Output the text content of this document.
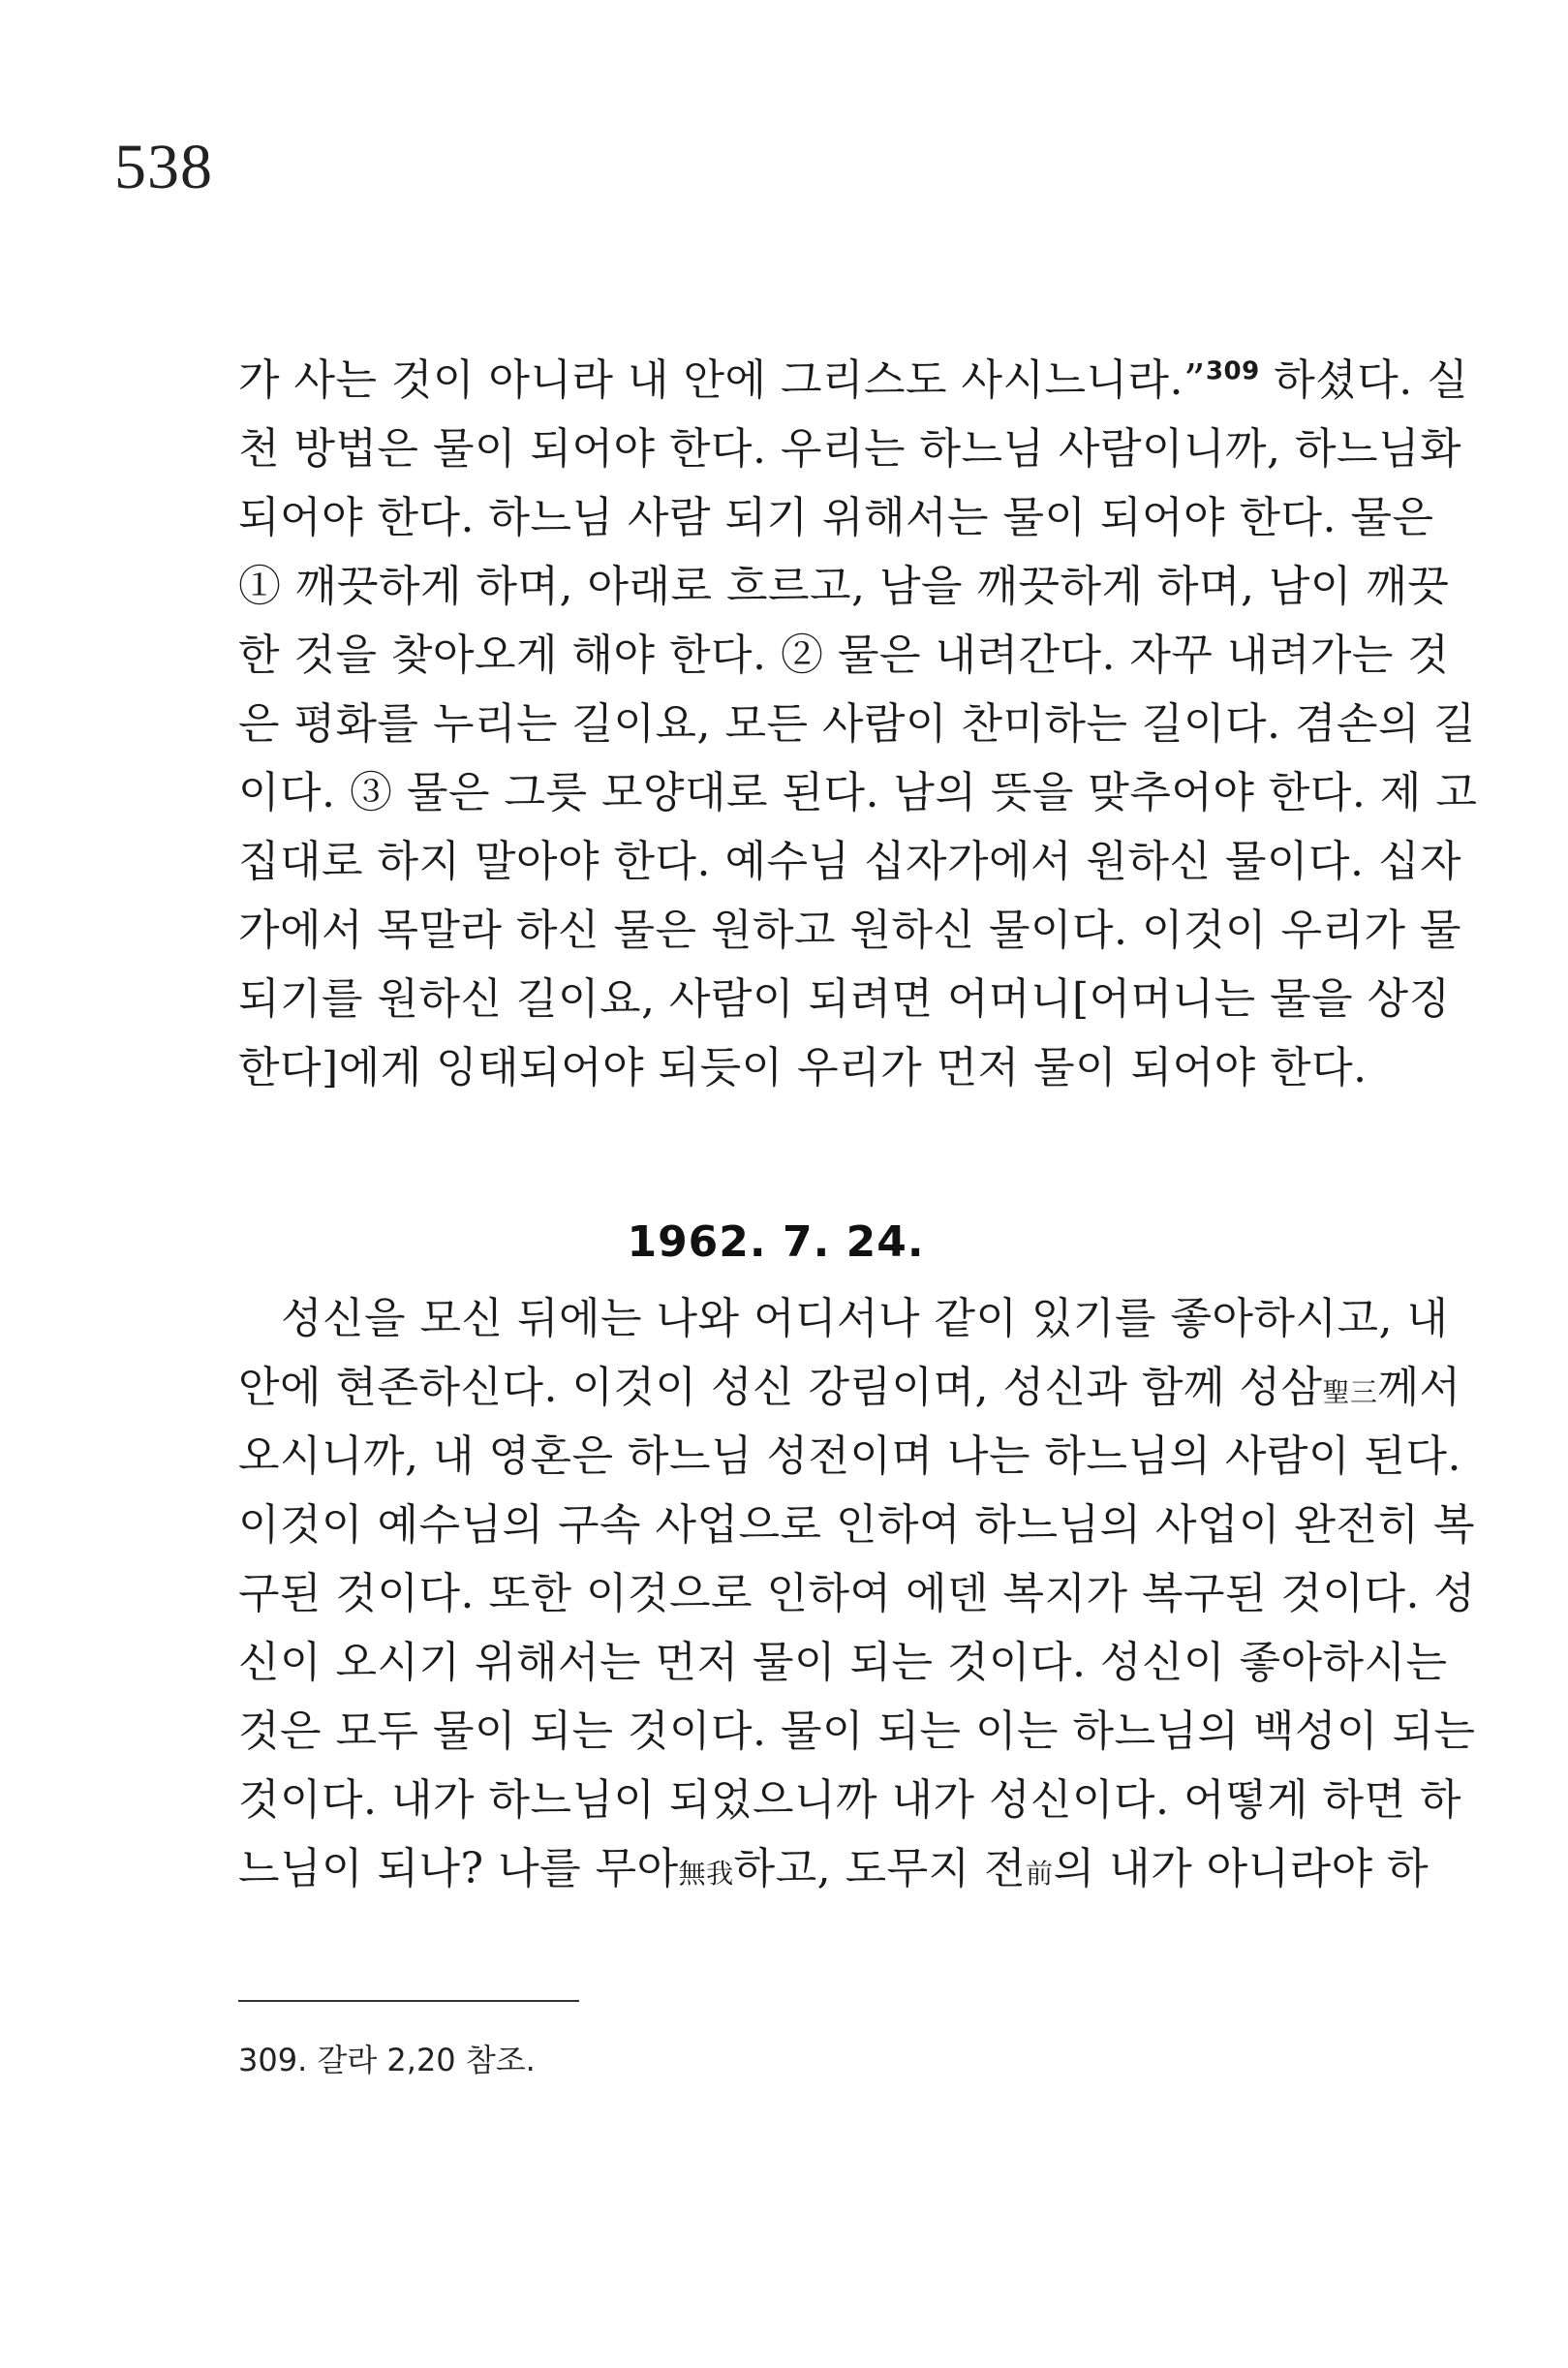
538
가 사는 것이 아니라 내 안에 그리스도 사시느니라.”$^{309}$ 하셨다. 실
천 방법은 물이 되어야 한다. 우리는 하느님 사람이니까, 하느님화
되어야 한다. 하느님 사람 되기 위해서는 물이 되어야 한다. 물은
① 깨끗하게 하며, 아래로 흐르고, 남을 깨끗하게 하며, 남이 깨끗
한 것을 찾아오게 해야 한다. ② 물은 내려간다. 자꾸 내려가는 것
은 평화를 누리는 길이요, 모든 사람이 찬미하는 길이다. 겸손의 길
이다. ③ 물은 그릇 모양대로 된다. 남의 뜻을 맞추어야 한다. 제 고
집대로 하지 말아야 한다. 예수님 십자가에서 원하신 물이다. 십자
가에서 목말라 하신 물은 원하고 원하신 물이다. 이것이 우리가 물
되기를 원하신 길이요, 사람이 되려면 어머니[어머니는 물을 상징
한다]에게 잉태되어야 되듯이 우리가 먼저 물이 되어야 한다.
1962. 7. 24.
성신을 모신 뒤에는 나와 어디서나 같이 있기를 좋아하시고, 내
안에 현존하신다. 이것이 성신 강림이며, 성신과 함께 성삼聖三께서
오시니까, 내 영혼은 하느님 성전이며 나는 하느님의 사람이 된다.
이것이 예수님의 구속 사업으로 인하여 하느님의 사업이 완전히 복
구된 것이다. 또한 이것으로 인하여 에덴 복지가 복구된 것이다. 성
신이 오시기 위해서는 먼저 물이 되는 것이다. 성신이 좋아하시는
것은 모두 물이 되는 것이다. 물이 되는 이는 하느님의 백성이 되는
것이다. 내가 하느님이 되었으니까 내가 성신이다. 어떻게 하면 하
느님이 되나? 나를 무아無我하고, 도무지 전前의 내가 아니라야 하
309. 갈라 2,20 참조.
